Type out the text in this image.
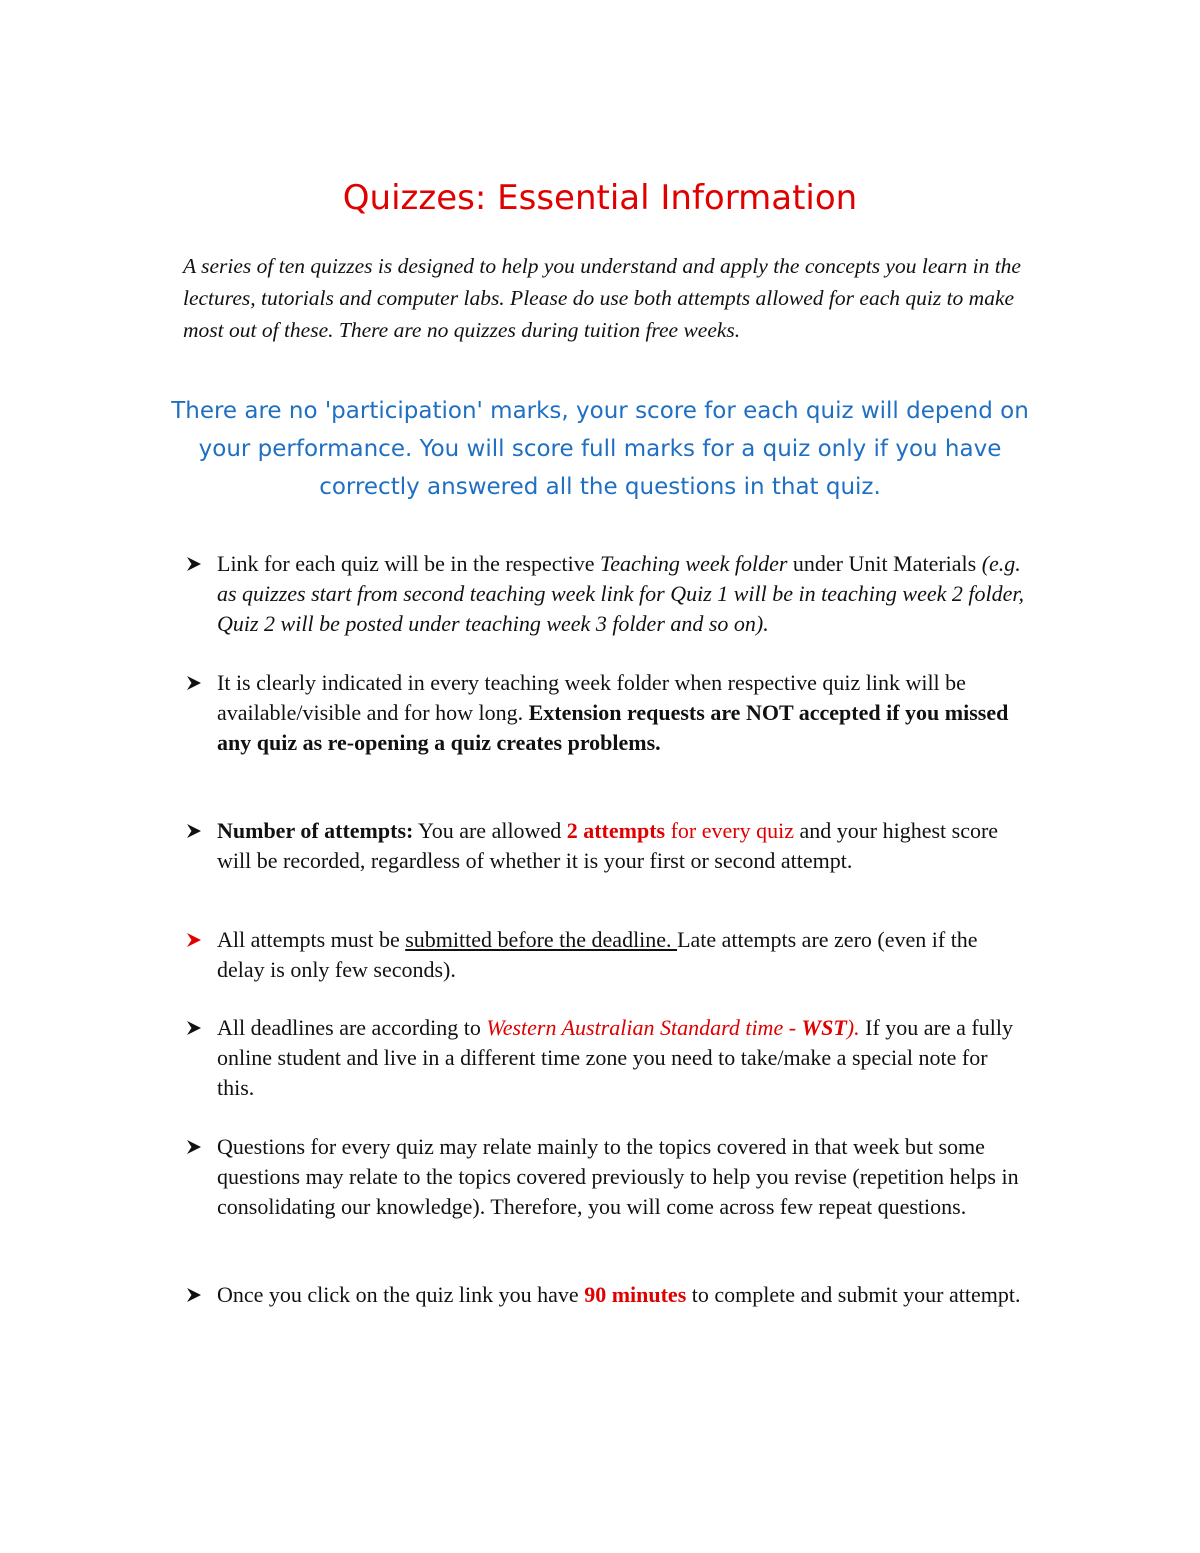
Quizzes: Essential Information
A series of ten quizzes is designed to help you understand and apply the concepts you learn in the lectures, tutorials and computer labs. Please do use both attempts allowed for each quiz to make most out of these. There are no quizzes during tuition free weeks.
There are no 'participation' marks, your score for each quiz will depend on your performance. You will score full marks for a quiz only if you have correctly answered all the questions in that quiz.
Link for each quiz will be in the respective Teaching week folder under Unit Materials (e.g. as quizzes start from second teaching week link for Quiz 1 will be in teaching week 2 folder, Quiz 2 will be posted under teaching week 3 folder and so on).
It is clearly indicated in every teaching week folder when respective quiz link will be available/visible and for how long. Extension requests are NOT accepted if you missed any quiz as re-opening a quiz creates problems.
Number of attempts: You are allowed 2 attempts for every quiz and your highest score will be recorded, regardless of whether it is your first or second attempt.
All attempts must be submitted before the deadline. Late attempts are zero (even if the delay is only few seconds).
All deadlines are according to Western Australian Standard time - WST). If you are a fully online student and live in a different time zone you need to take/make a special note for this.
Questions for every quiz may relate mainly to the topics covered in that week but some questions may relate to the topics covered previously to help you revise (repetition helps in consolidating our knowledge). Therefore, you will come across few repeat questions.
Once you click on the quiz link you have 90 minutes to complete and submit your attempt.
